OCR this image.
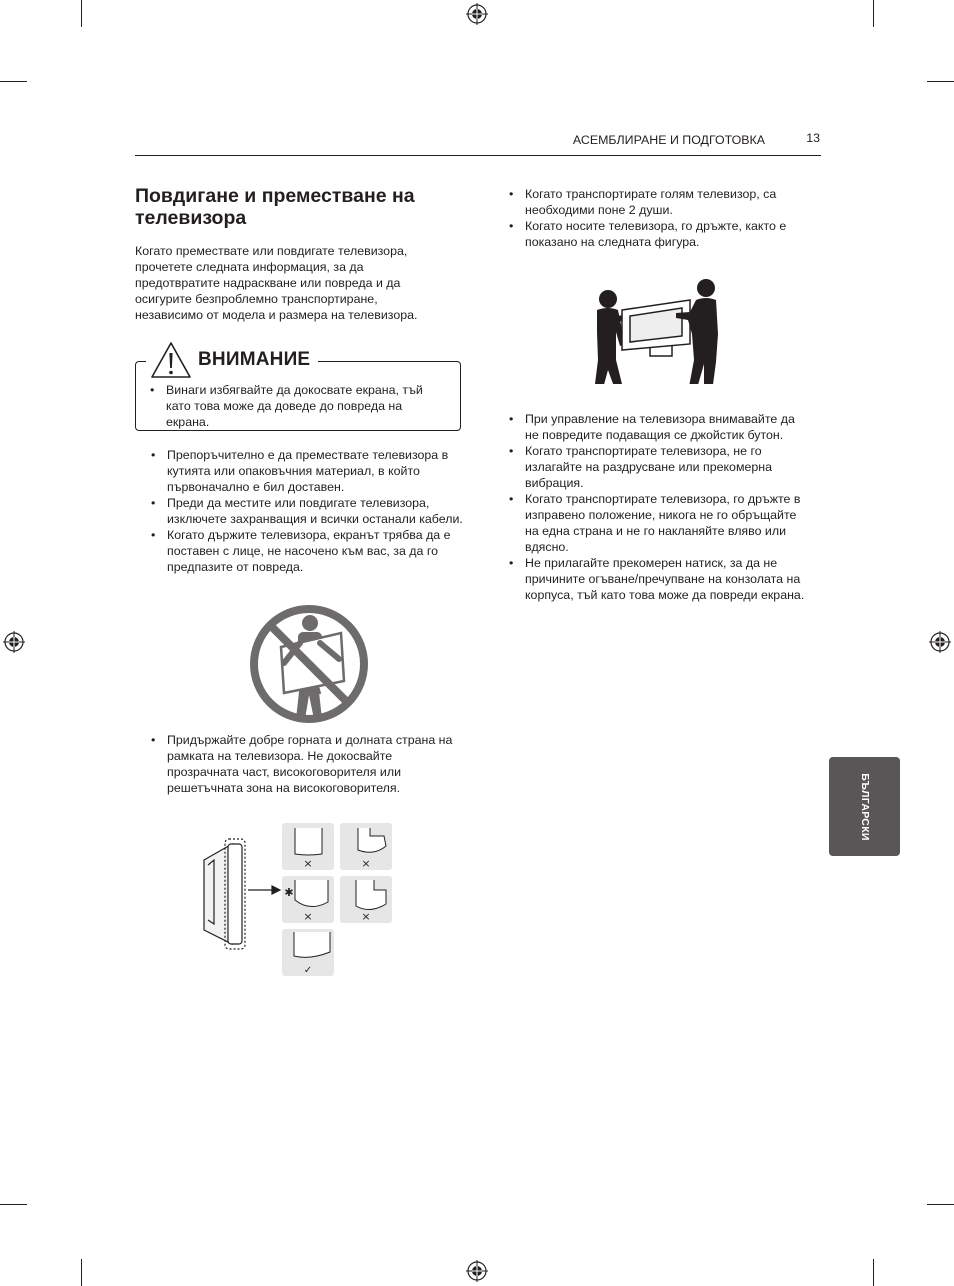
АСЕМБЛИРАНЕ И ПОДГОТОВКА	13
Повдигане и преместване на телевизора

Когато премествате или повдигате телевизора, прочетете следната информация, за да предотвратите надраскване или повреда и да осигурите безпроблемно транспортиране, независимо от модела и размера на телевизора.

• Винаги избягвайте да докосвате екрана, тъй като това може да доведе до повреда на екрана.
ВНИМАНИЕ
• Препоръчително е да премествате телевизора в кутията или опаковъчния материал, в който първоначално е бил доставен.
• Преди да местите или повдигате телевизора, изключете захранващия и всички останали кабели.
• Когато държите телевизора, екранът трябва да е поставен с лице, не насочено към вас, за да го предпазите от повреда.
• Придържайте добре горната и долната страна на рамката на телевизора. Не докосвайте прозрачната част, високоговорителя или решетъчната зона на високоговорителя.
×	×
✱
×	×
✓
• Когато транспортирате голям телевизор, са необходими поне 2 души.
• Когато носите телевизора, го дръжте, както е показано на следната фигура.
• При управление на телевизора внимавайте да не повредите подаващия се джойстик бутон.
• Когато транспортирате телевизора, не го излагайте на раздрусване или прекомерна вибрация.
• Когато транспортирате телевизора, го дръжте в изправено положение, никога не го обръщайте на една страна и не го накланяйте вляво или вдясно.
• Не прилагайте прекомерен натиск, за да не причините огъване/пречупване на конзолата на корпуса, тъй като това може да повреди екрана.
БЪЛГАРСКИ
